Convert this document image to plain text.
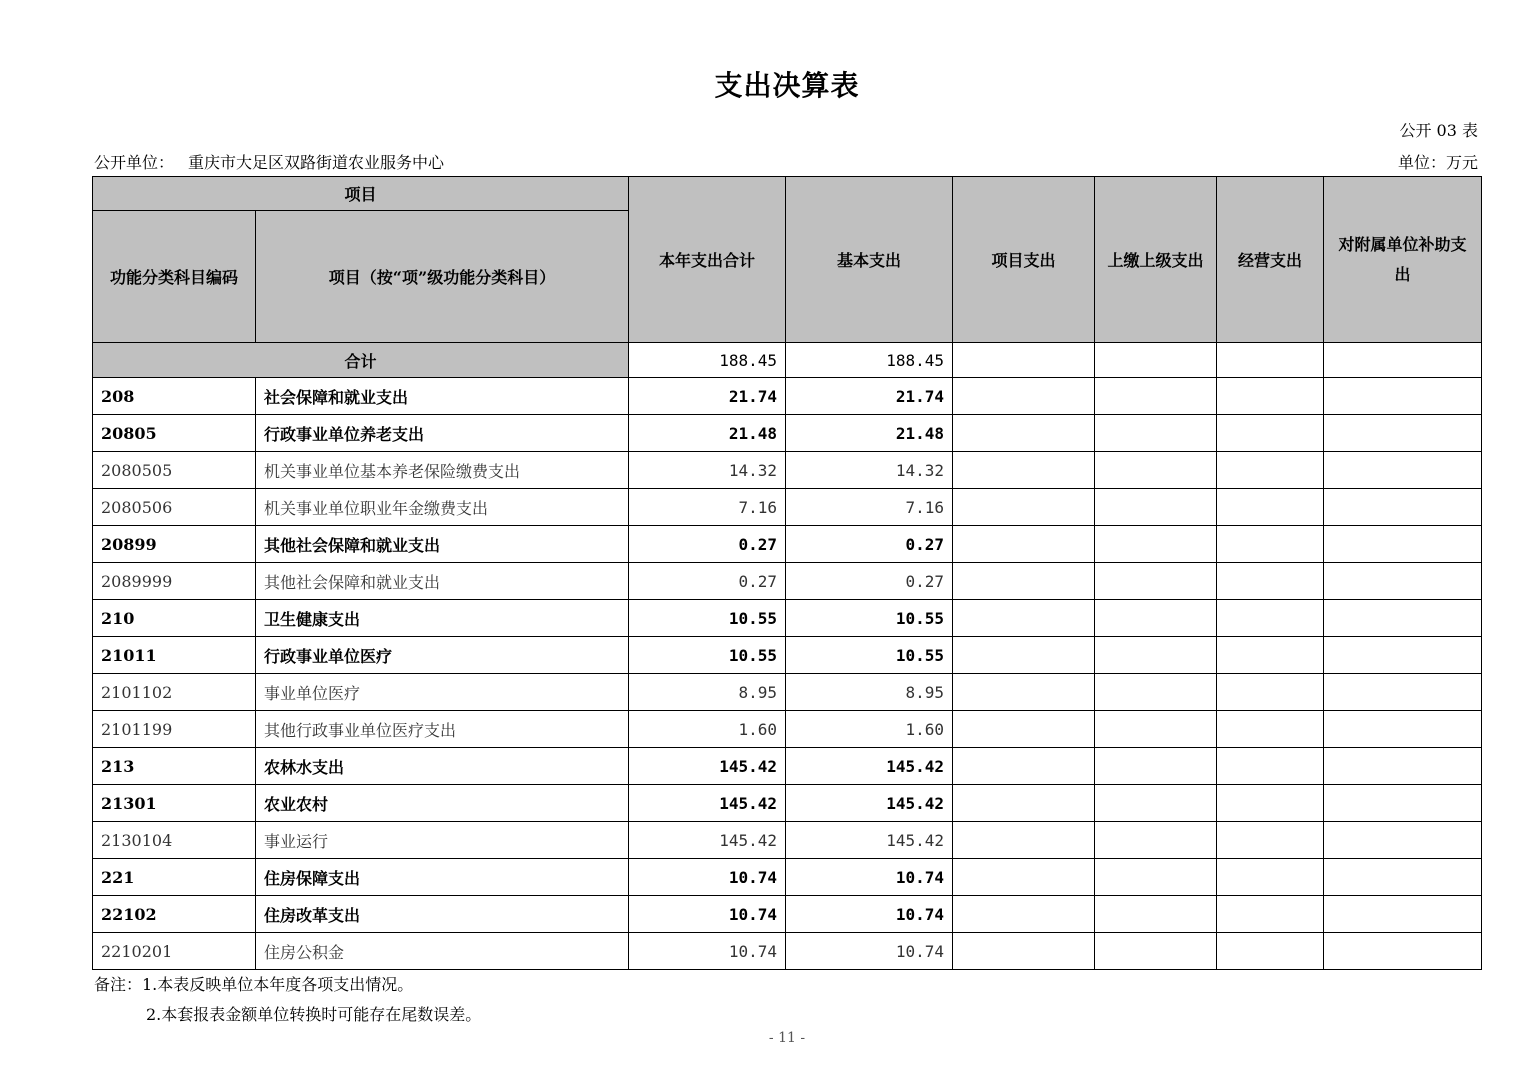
支出决算表
公开 03 表
公开单位： 重庆市大足区双路街道农业服务中心	单位：万元
项目		本年支出合计	基本支出	项目支出	上缴上级支出	经营支出	对附属单位补助支出
功能分类科目编码	项目（按“项”级功能分类科目）						
合计		188.45	188.45				
208	社会保障和就业支出	21.74	21.74				
20805	行政事业单位养老支出	21.48	21.48				
2080505	机关事业单位基本养老保险缴费支出	14.32	14.32				
2080506	机关事业单位职业年金缴费支出	7.16	7.16				
20899	其他社会保障和就业支出	0.27	0.27				
2089999	其他社会保障和就业支出	0.27	0.27				
210	卫生健康支出	10.55	10.55				
21011	行政事业单位医疗	10.55	10.55				
2101102	事业单位医疗	8.95	8.95				
2101199	其他行政事业单位医疗支出	1.60	1.60				
213	农林水支出	145.42	145.42				
21301	农业农村	145.42	145.42				
2130104	事业运行	145.42	145.42				
221	住房保障支出	10.74	10.74				
22102	住房改革支出	10.74	10.74				
2210201	住房公积金	10.74	10.74				
备注：1.本表反映单位本年度各项支出情况。
2.本套报表金额单位转换时可能存在尾数误差。
- 11 -
